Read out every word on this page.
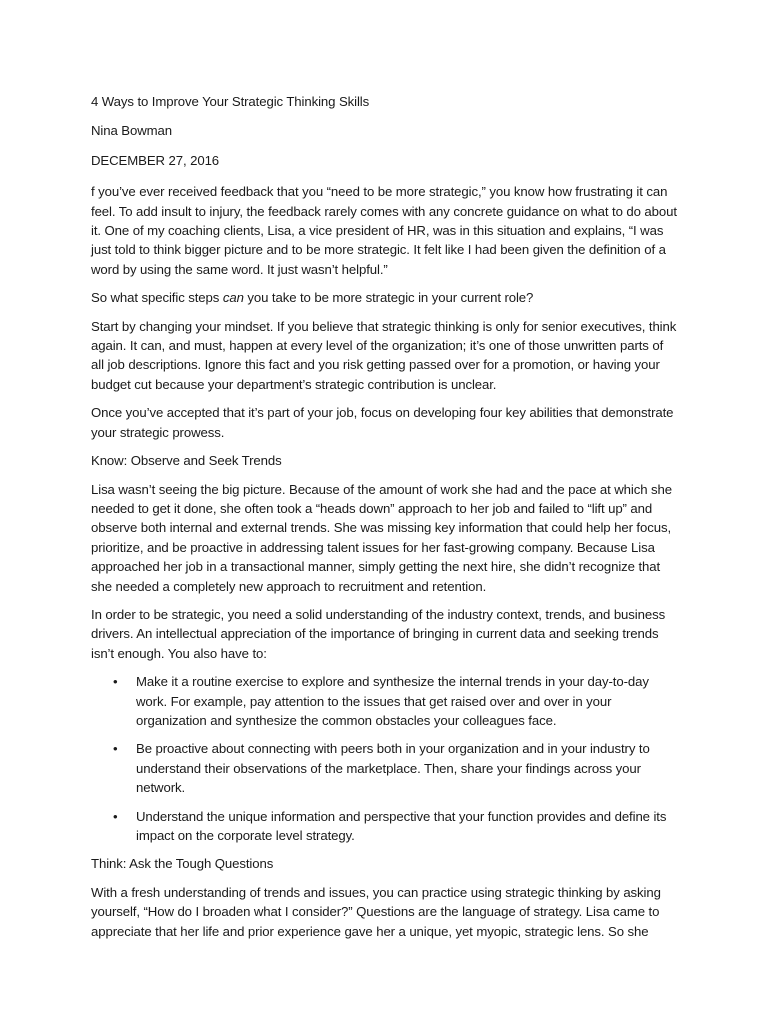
4 Ways to Improve Your Strategic Thinking Skills

Nina Bowman

DECEMBER 27, 2016

f you’ve ever received feedback that you “need to be more strategic,” you know how frustrating it can feel. To add insult to injury, the feedback rarely comes with any concrete guidance on what to do about it. One of my coaching clients, Lisa, a vice president of HR, was in this situation and explains, “I was just told to think bigger picture and to be more strategic. It felt like I had been given the definition of a word by using the same word. It just wasn’t helpful.”

So what specific steps can you take to be more strategic in your current role?

Start by changing your mindset. If you believe that strategic thinking is only for senior executives, think again. It can, and must, happen at every level of the organization; it’s one of those unwritten parts of all job descriptions. Ignore this fact and you risk getting passed over for a promotion, or having your budget cut because your department’s strategic contribution is unclear.

Once you’ve accepted that it’s part of your job, focus on developing four key abilities that demonstrate your strategic prowess.

Know: Observe and Seek Trends

Lisa wasn’t seeing the big picture. Because of the amount of work she had and the pace at which she needed to get it done, she often took a “heads down” approach to her job and failed to “lift up” and observe both internal and external trends. She was missing key information that could help her focus, prioritize, and be proactive in addressing talent issues for her fast-growing company. Because Lisa approached her job in a transactional manner, simply getting the next hire, she didn’t recognize that she needed a completely new approach to recruitment and retention.

In order to be strategic, you need a solid understanding of the industry context, trends, and business drivers. An intellectual appreciation of the importance of bringing in current data and seeking trends isn’t enough. You also have to:

• Make it a routine exercise to explore and synthesize the internal trends in your day-to-day work. For example, pay attention to the issues that get raised over and over in your organization and synthesize the common obstacles your colleagues face.
• Be proactive about connecting with peers both in your organization and in your industry to understand their observations of the marketplace. Then, share your findings across your network.
• Understand the unique information and perspective that your function provides and define its impact on the corporate level strategy.

Think: Ask the Tough Questions

With a fresh understanding of trends and issues, you can practice using strategic thinking by asking yourself, “How do I broaden what I consider?” Questions are the language of strategy. Lisa came to appreciate that her life and prior experience gave her a unique, yet myopic, strategic lens. So she
